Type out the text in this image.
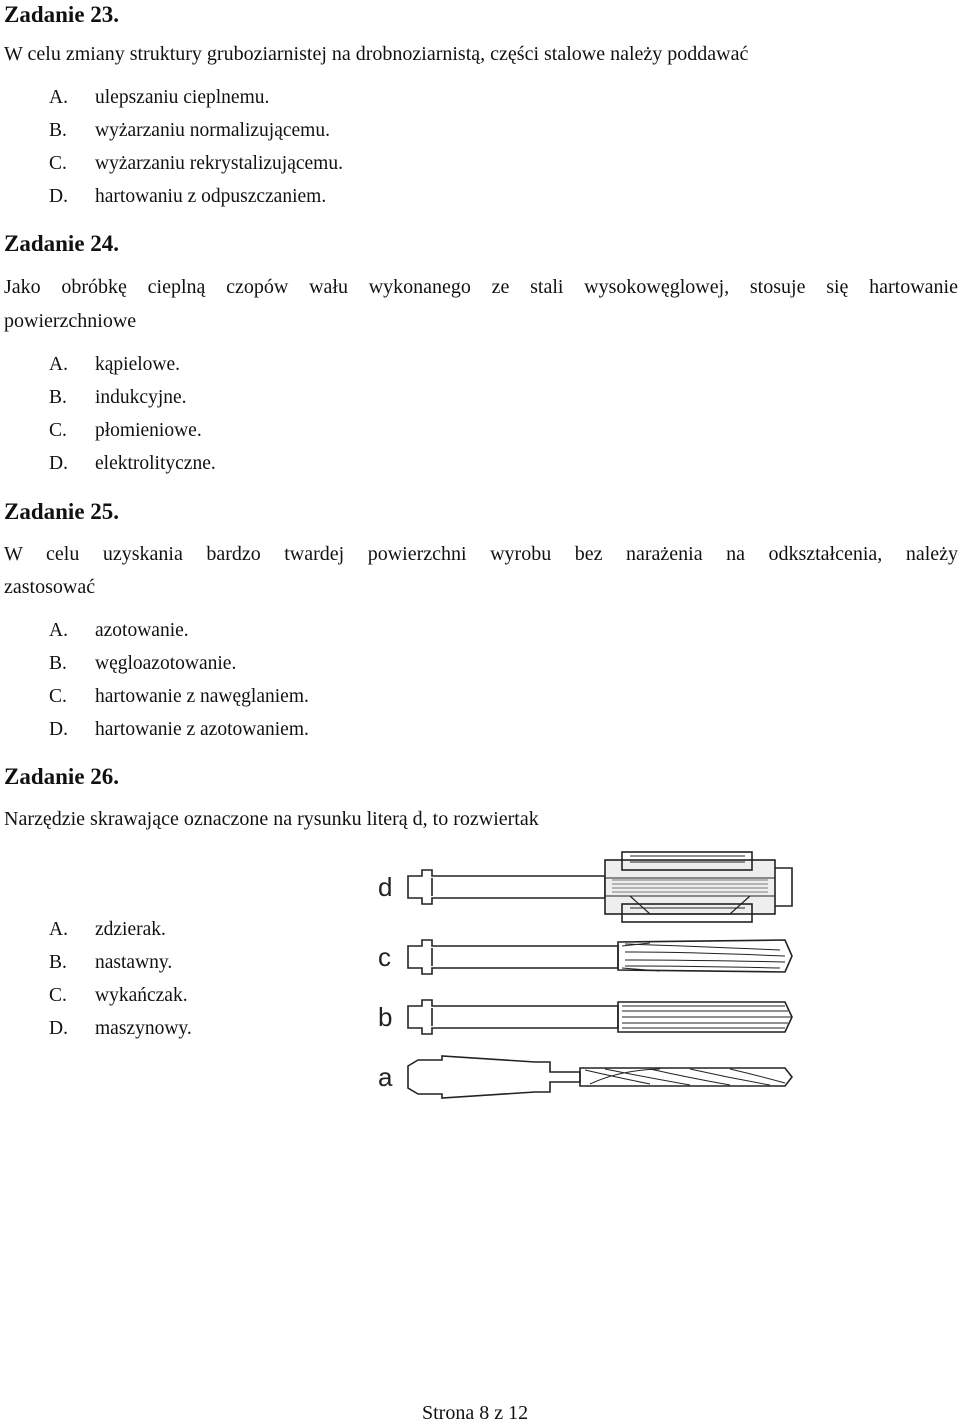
Zadanie 23.
W celu zmiany struktury gruboziarnistej na drobnoziarnistą, części stalowe należy poddawać
A. ulepszaniu cieplnemu.
B. wyżarzaniu normalizującemu.
C. wyżarzaniu rekrystalizującemu.
D. hartowaniu z odpuszczaniem.
Zadanie 24.
Jako obróbkę cieplną czopów wału wykonanego ze stali wysokowęglowej, stosuje się hartowanie
powierzchniowe
A. kąpielowe.
B. indukcyjne.
C. płomieniowe.
D. elektrolityczne.
Zadanie 25.
W celu uzyskania bardzo twardej powierzchni wyrobu bez narażenia na odkształcenia, należy
zastosować
A. azotowanie.
B. węgloazotowanie.
C. hartowanie z nawęglaniem.
D. hartowanie z azotowaniem.
Zadanie 26.
Narzędzie skrawające oznaczone na rysunku literą d, to rozwiertak
A. zdzierak.
B. nastawny.
C. wykańczak.
D. maszynowy.
d
c
b
a
Strona 8 z 12
